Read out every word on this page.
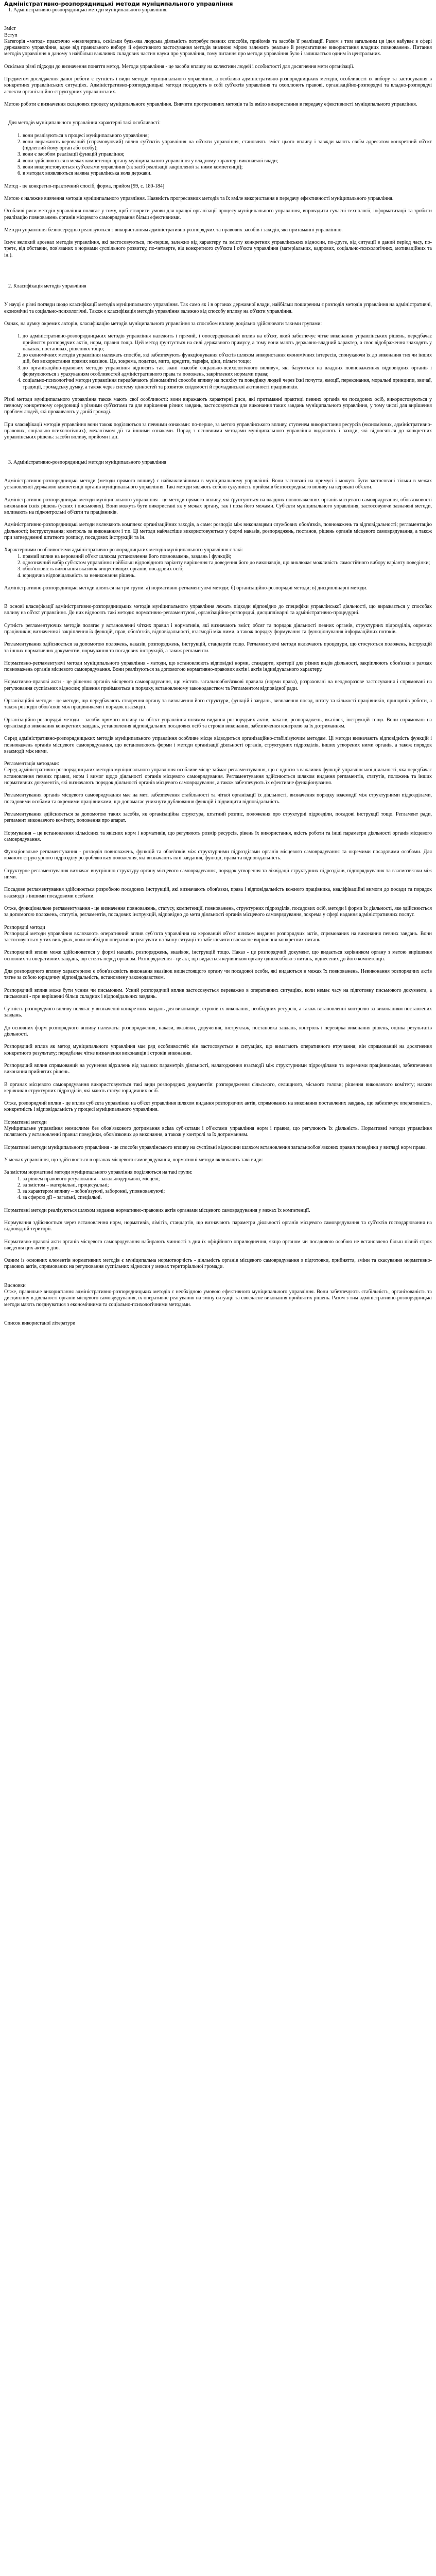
Адміністративно-розпорядницькі методи муніципального управління

1. Адміністративно-розпорядницькі методи муніципального управління.

Зміст

Вступ

Категорія «метод» практично «невичерпна, оскільки будь-яка людська діяльність потребує певних способів, прийомів та засобів її реалізації. Разом з тим загальним ця ідея набуває в сфері державного управління, адже від правильного вибору й ефективного застосування методів значною мірою залежить реальне й результативне використання владних повноважень. Питання методів управління в даному з найбільш важливих складових частин науки про управління, тому питання про методи управління було і залишається одним із центральних.

Оскільки різні підходи до визначення поняття метод. Методи управління - це засоби впливу на колективи людей і особистості для досягнення мети організації.

Предметом дослідження даної роботи є сутність і види методів муніципального управління, а особливо адміністративно-розпорядницьких методів, особливості їх вибору та застосування в конкретних управлінських ситуаціях. Адміністративно-розпорядницькі методи поєднують в собі суб'єктів управління та охоплюють правові, організаційно-розпорядчі та владно-розпорядчі аспекти організаційно-структурних управлінських.

Метою роботи є визначення складових процесу муніципального управління. Вивчити прогресивних методів та їх вміло використання в передачу ефективності муніципального управління.

Для методів муніципального управління характерні такі особливості:

1. вони реалізуються в процесі муніципального управління;
2. вони виражають керований (спрямовуючий) вплив суб'єктів управління на об'єкти управління, становлять зміст цього впливу і завжди мають своїм адресатом конкретний об'єкт (підлеглий йому орган або особу);
3. вони є засобом реалізації функцій управління;
4. вони здійснюються в межах компетенції органу муніципального управління у владному характері виконавчої влади;
5. вони використовуються суб'єктами управління (як засіб реалізації закріпленої за ними компетенції);
6. в методах виявляються наявна управлінська воля держави.

Метод - це конкретно-практичний спосіб, форма, прийом [99, с. 180-184]

Метою є належне вивчення методів муніципального управління. Наявність прогресивних методів та їх вміле використання в передачу ефективності муніципального управління.

Особливі риси методів управління полягає у тому, щоб створити умови для кращої організації процесу муніципального управління, впровадити сучасні технології, інформатизації та зробити реалізацію повноважень органів місцевого самоврядування більш ефективними.

Методи управління безпосередньо реалізуються з використанням адміністративно-розпорядчих та правових засобів і заходів, які притаманні управлінню.

Існує великий арсенал методів управління, які застосовуються, по-перше, залежно від характеру та змісту конкретних управлінських відносин, по-друге, від ситуації в даний період часу, по-третє, від обставин, пов'язаних з нормами суспільного розвитку, по-четверте, від конкретного суб'єкта і об'єкта управління (матеріальних, кадрових, соціально-психологічних, мотиваційних та ін.).

2. Класифікація методів управління

У науці є різні погляди щодо класифікації методів муніципального управління. Так само як і в органах державної влади, найбільш поширеним є розподіл методів управління на адміністративні, економічні та соціально-психологічні. Також є класифікація методів управління залежно від способу впливу на об'єкти управління.

Однак, на думку окремих авторів, класифікацію методів муніципального управління за способом впливу доцільно здійснювати такими групами:

1. до адміністративно-розпорядницьких методів управління належить і прямий, і опосередкований вплив на об'єкт, який забезпечує чітке виконання управлінських рішень, передбачає прийняття розпорядчих актів, норм, правил тощо. Цей метод ґрунтується на силі державного примусу, а тому вони мають державно-владний характер, а своє відображення знаходять у наказах, постановах, рішеннях тощо;
2. до економічних методів управління належать спосіби, які забезпечують функціонування об'єктів шляхом використання економічних інтересів, спонукаючи їх до виконання тих чи інших дій, без використання прямих вказівок. Це, зокрема, податки, мито, кредити, тарифи, ціни, пільги тощо;
3. до організаційно-правових методів управління відносять так звані «засоби соціально-психологічного впливу», які базуються на владних повноваженнях відповідних органів і формулюються з урахуванням особливостей адміністративного права та положень, закріплених нормами права;
4. соціально-психологічні методи управління передбачають різноманітні способи впливу на психіку та поведінку людей через їхні почуття, емоції, переконання, моральні принципи, звичаї, традиції, громадську думку, а також через систему цінностей та розвиток свідомості й громадянської активності працівників.

Різні методи муніципального управління також мають свої особливості: вони виражають характерні риси, які притаманні практиці певних органів чи посадових осіб, використовуються у певному конкретному середовищі з різними суб'єктами та для вирішення різних завдань, застосовуються для виконання таких завдань муніципального управління, у тому числі для вирішення проблем людей, які проживають у даній громаді.

При класифікації методів управління вони також поділяються за певними ознаками: по-перше, за метою управлінського впливу, ступенем використання ресурсів (економічних, адміністративно-правових, соціально-психологічних), механізмом дії та іншими ознаками. Поряд з основними методами муніципального управління виділяють і заходи, які відносяться до конкретних управлінських рішень: засоби впливу, прийоми і дії.

3. Адміністративно-розпорядницькі методи муніципального управління

Адміністративно-розпорядницькі методи (методи прямого впливу) є найважливішими в муніципальному управлінні. Вони засновані на примусі і можуть бути застосовані тільки в межах установленої державою компетенції органів муніципального управління. Такі методи являють собою сукупність прийомів безпосереднього впливу на керовані об'єкти.

Адміністративно-розпорядницькі методи муніципального управління - це методи прямого впливу, які ґрунтуються на владних повноваженнях органів місцевого самоврядування, обов'язковості виконання їхніх рішень (усних і письмових). Вони можуть бути використані як у межах органу, так і поза його межами. Суб'єкти муніципального управління, застосовуючи зазначені методи, впливають на підконтрольні об'єкти та працівників.

Адміністративно-розпорядницькі методи включають комплекс організаційних заходів, а саме: розподіл між виконавцями службових обов'язків, повноважень та відповідальності; регламентацію діяльності; інструктування; контроль за виконанням і т.п. Ці методи найчастіше використовуються у формі наказів, розпоряджень, постанов, рішень органів місцевого самоврядування, а також при затвердженні штатного розпису, посадових інструкцій та ін.

Характерними особливостями адміністративно-розпорядницьких методів муніципального управління є такі:

1. прямий вплив на керований об'єкт шляхом установлення його повноважень, завдань і функцій;
2. однозначний вибір суб'єктом управління найбільш відповідного варіанту вирішення та доведення його до виконавців, що виключає можливість самостійного вибору варіанту поведінки;
3. обов'язковість виконання вказівок вищестоящих органів, посадових осіб;
4. юридична відповідальність за невиконання рішень.

Адміністративно-розпорядницькі методи діляться на три групи: а) нормативно-регламентуючі методи; б) організаційно-розпорядчі методи; в) дисциплінарні методи.

В основі класифікації адміністративно-розпорядницьких методів муніципального управління лежать підходи відповідно до специфіки управлінської діяльності, що виражається у способах впливу на об'єкт управління. До них відносять такі методи: нормативно-регламентуючі, організаційно-розпорядчі, дисциплінарні та адміністративно-процедурні.

Сутність регламентуючих методів полягає у встановленні чітких правил і нормативів, які визначають зміст, обсяг та порядок діяльності певних органів, структурних підрозділів, окремих працівників; визначення і закріплення їх функцій, прав, обов'язків, відповідальності, взаємодії між ними, а також порядку формування та функціонування інформаційних потоків.

Регламентування здійснюється за допомогою положень, наказів, розпоряджень, інструкцій, стандартів тощо. Регламентуючі методи включають процедури, що стосуються положень, інструкцій та інших нормативних документів, нормування та посадових інструкцій, а також регламенти.

Нормативно-регламентуючі методи муніципального управління - методи, що встановлюють відповідні норми, стандарти, критерії для різних видів діяльності, закріплюють обов'язки в рамках повноважень органів місцевого самоврядування. Вони реалізуються за допомогою нормативно-правових актів і актів індивідуального характеру.

Нормативно-правові акти - це рішення органів місцевого самоврядування, що містять загальнообов'язкові правила (норми права), розраховані на неодноразове застосування і спрямовані на регулювання суспільних відносин; рішення приймаються в порядку, встановленому законодавством та Регламентом відповідної ради.

Організаційні методи - це методи, що передбачають створення органу та визначення його структури, функцій і завдань, визначення посад, штату та кількості працівників, принципів роботи, а також розподіл обов'язків між працівниками і порядок взаємодії.

Організаційно-розпорядчі методи - засоби прямого впливу на об'єкт управління шляхом видання розпорядчих актів, наказів, розпоряджень, вказівок, інструкцій тощо. Вони спрямовані на організацію виконання конкретних завдань, установлення відповідальних посадових осіб та строків виконання, забезпечення контролю за їх дотриманням.

Серед адміністративно-розпорядницьких методів муніципального управління особливе місце відводиться організаційно-стабілізуючим методам. Ці методи визначають відповідність функцій і повноважень органів місцевого самоврядування, що встановлюють форми і методи організації діяльності органів, структурних підрозділів, інших утворених ними органів, а також порядок взаємодії між ними.

Регламентація методами:

Серед адміністративно-розпорядницьких методів муніципального управління особливе місце займає регламентування, що є однією з важливих функцій управлінської діяльності, яка передбачає встановлення певних правил, норм і вимог щодо діяльності органів місцевого самоврядування. Регламентування здійснюється шляхом видання регламентів, статутів, положень та інших нормативних документів, які визначають порядок діяльності органів місцевого самоврядування, а також забезпечують їх ефективне функціонування.

Регламентування органів місцевого самоврядування має на меті забезпечення стабільності та чіткої організації їх діяльності, визначення порядку взаємодії між структурними підрозділами, посадовими особами та окремими працівниками, що допомагає уникнути дублювання функцій і підвищити відповідальність.

Регламентування здійснюється за допомогою таких засобів, як організаційна структура, штатний розпис, положення про структурні підрозділи, посадові інструкції тощо. Регламент ради, регламент виконавчого комітету, положення про апарат.

Нормування – це встановлення кількісних та якісних норм і нормативів, що регулюють розмір ресурсів, рівень їх використання, якість роботи та інші параметри діяльності органів місцевого самоврядування.

Функціональне регламентування - розподіл повноважень, функцій та обов'язків між структурними підрозділами органів місцевого самоврядування та окремими посадовими особами. Для кожного структурного підрозділу розробляються положення, які визначають їхні завдання, функції, права та відповідальність.

Структурне регламентування визначає внутрішню структуру органу місцевого самоврядування, порядок утворення та ліквідації структурних підрозділів, підпорядкування та взаємозв'язки між ними.

Посадове регламентування здійснюється розробкою посадових інструкцій, які визначають обов'язки, права і відповідальність кожного працівника, кваліфікаційні вимоги до посади та порядок взаємодії з іншими посадовими особами.

Отже, функціональне регламентування - це визначення повноважень, статусу, компетенції, повноважень, структурних підрозділів, посадових осіб, методи і форми їх діяльності, яке здійснюється за допомогою положень, статутів, регламентів, посадових інструкцій, відповідно до мети діяльності органів місцевого самоврядування, зокрема у сфері надання адміністративних послуг.

Розпорядчі методи

Розпорядчі методи управління включають оперативний вплив суб'єкта управління на керований об'єкт шляхом видання розпорядчих актів, спрямованих на виконання певних завдань. Вони застосовуються у тих випадках, коли необхідно оперативно реагувати на зміну ситуації та забезпечити своєчасне вирішення конкретних питань.

Розпорядчий вплив може здійснюватися у формі наказів, розпоряджень, вказівок, інструкцій тощо. Наказ - це розпорядчий документ, що видається керівником органу з метою вирішення основних та оперативних завдань, що стоять перед органом. Розпорядження - це акт, що видається керівником органу одноособово з питань, віднесених до його компетенції.

Для розпорядчого впливу характерною є обов'язковість виконання вказівок вищестоящого органу чи посадової особи, які видаються в межах їх повноважень. Невиконання розпорядчих актів тягне за собою юридичну відповідальність, встановлену законодавством.

Розпорядчий вплив може бути усним чи письмовим. Усний розпорядчий вплив застосовується переважно в оперативних ситуаціях, коли немає часу на підготовку письмового документа, а письмовий - при вирішенні більш складних і відповідальних завдань.

Сутність розпорядчого впливу полягає у визначенні конкретних завдань для виконавців, строків їх виконання, необхідних ресурсів, а також встановленні контролю за виконанням поставлених завдань.

До основних форм розпорядчого впливу належать: розпорядження, накази, вказівки, доручення, інструктаж, постановка завдань, контроль і перевірка виконання рішень, оцінка результатів діяльності.

Розпорядчий вплив як метод муніципального управління має ряд особливостей: він застосовується в ситуаціях, що вимагають оперативного втручання; він спрямований на досягнення конкретного результату; передбачає чітке визначення виконавців і строків виконання.

Розпорядчий вплив спрямований на усунення відхилень від заданих параметрів діяльності, налагодження взаємодії між структурними підрозділами та окремими працівниками, забезпечення виконання прийнятих рішень.

В органах місцевого самоврядування використовуються такі види розпорядчих документів: розпорядження сільського, селищного, міського голови; рішення виконавчого комітету; накази керівників структурних підрозділів, які мають статус юридичних осіб.

Отже, розпорядчий вплив - це вплив суб'єкта управління на об'єкт управління шляхом видання розпорядчих актів, спрямованих на виконання поставлених завдань, що забезпечує оперативність, конкретність і відповідальність у процесі муніципального управління.

Нормативні методи

Муніципальне управління немислиме без обов'язкового дотримання всіма суб'єктами і об'єктами управління норм і правил, що регулюють їх діяльність. Нормативні методи управління полягають у встановленні правил поведінки, обов'язкових до виконання, а також у контролі за їх дотриманням.

Нормативні методи муніципального управління - це способи управлінського впливу на суспільні відносини шляхом встановлення загальнообов'язкових правил поведінки у вигляді норм права.

У межах управління, що здійснюється в органах місцевого самоврядування, нормативні методи включають такі види:

За змістом нормативні методи муніципального управління поділяються на такі групи:

1. за рівнем правового регулювання – загальнодержавні, місцеві;
2. за змістом – матеріальні, процесуальні;
3. за характером впливу – зобов'язуючі, заборонні, уповноважуючі;
4. за сферою дії – загальні, спеціальні.

Нормативні методи реалізуються шляхом видання нормативно-правових актів органами місцевого самоврядування у межах їх компетенції.

Нормування здійснюється через встановлення норм, нормативів, лімітів, стандартів, що визначають параметри діяльності органів місцевого самоврядування та суб'єктів господарювання на відповідній території.

Нормативно-правові акти органів місцевого самоврядування набирають чинності з дня їх офіційного оприлюднення, якщо органом чи посадовою особою не встановлено більш пізній строк введення цих актів у дію.

Одним із основних елементів нормативних методів є муніципальна нормотворчість - діяльність органів місцевого самоврядування з підготовки, прийняття, зміни та скасування нормативно-правових актів, спрямованих на регулювання суспільних відносин у межах територіальної громади.

Висновки

Отже, правильне використання адміністративно-розпорядницьких методів є необхідною умовою ефективного муніципального управління. Вони забезпечують стабільність, організованість та дисципліну в діяльності органів місцевого самоврядування, їх оперативне реагування на зміну ситуації та своєчасне виконання прийнятих рішень. Разом з тим адміністративно-розпорядницькі методи мають поєднуватися з економічними та соціально-психологічними методами.

Список використаної літератури
